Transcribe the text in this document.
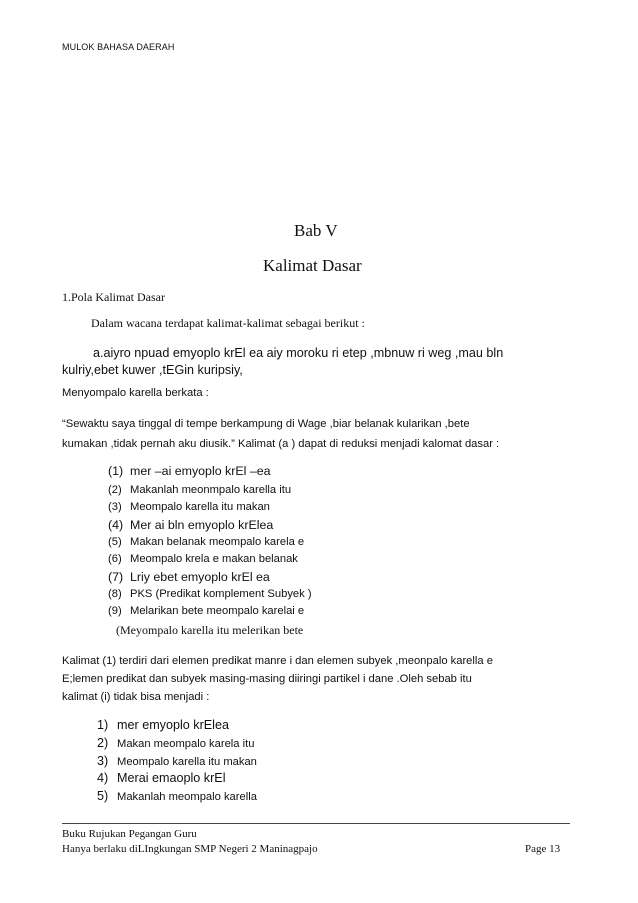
MULOK BAHASA DAERAH
Bab V
Kalimat Dasar
1.Pola Kalimat Dasar
Dalam wacana terdapat kalimat-kalimat sebagai berikut :
a.aiyro npuad emyoplo krEl ea aiy moroku ri etep ,mbnuw ri weg ,mau bln
kulriy,ebet kuwer ,tEGin kuripsiy,
Menyompalo karella berkata :
“Sewaktu saya tinggal di tempe berkampung di Wage ,biar belanak kularikan ,bete
kumakan ,tidak pernah aku diusik.” Kalimat (a ) dapat di reduksi menjadi kalomat dasar :
(1) mer –ai emyoplo krEl –ea
(2) Makanlah meonmpalo karella itu
(3) Meompalo karella itu makan
(4) Mer ai bln emyoplo krElea
(5) Makan belanak meompalo karela e
(6) Meompalo krela e makan belanak
(7) Lriy ebet emyoplo krEl ea
(8) PKS (Predikat komplement Subyek )
(9) Melarikan bete meompalo karelai e
(Meyompalo karella itu melerikan bete
Kalimat (1) terdiri dari elemen predikat manre i dan elemen subyek ,meonpalo karella e
E;lemen predikat dan subyek masing-masing diiringi partikel i dane .Oleh sebab itu
kalimat (i) tidak bisa menjadi :
1) mer emyoplo krElea
2) Makan meompalo karela itu
3) Meompalo karella itu makan
4) Merai emaoplo krEl
5) Makanlah meompalo karella
Buku Rujukan Pegangan Guru
Hanya berlaku diLIngkungan SMP Negeri 2 Maninagpajo	Page 13
